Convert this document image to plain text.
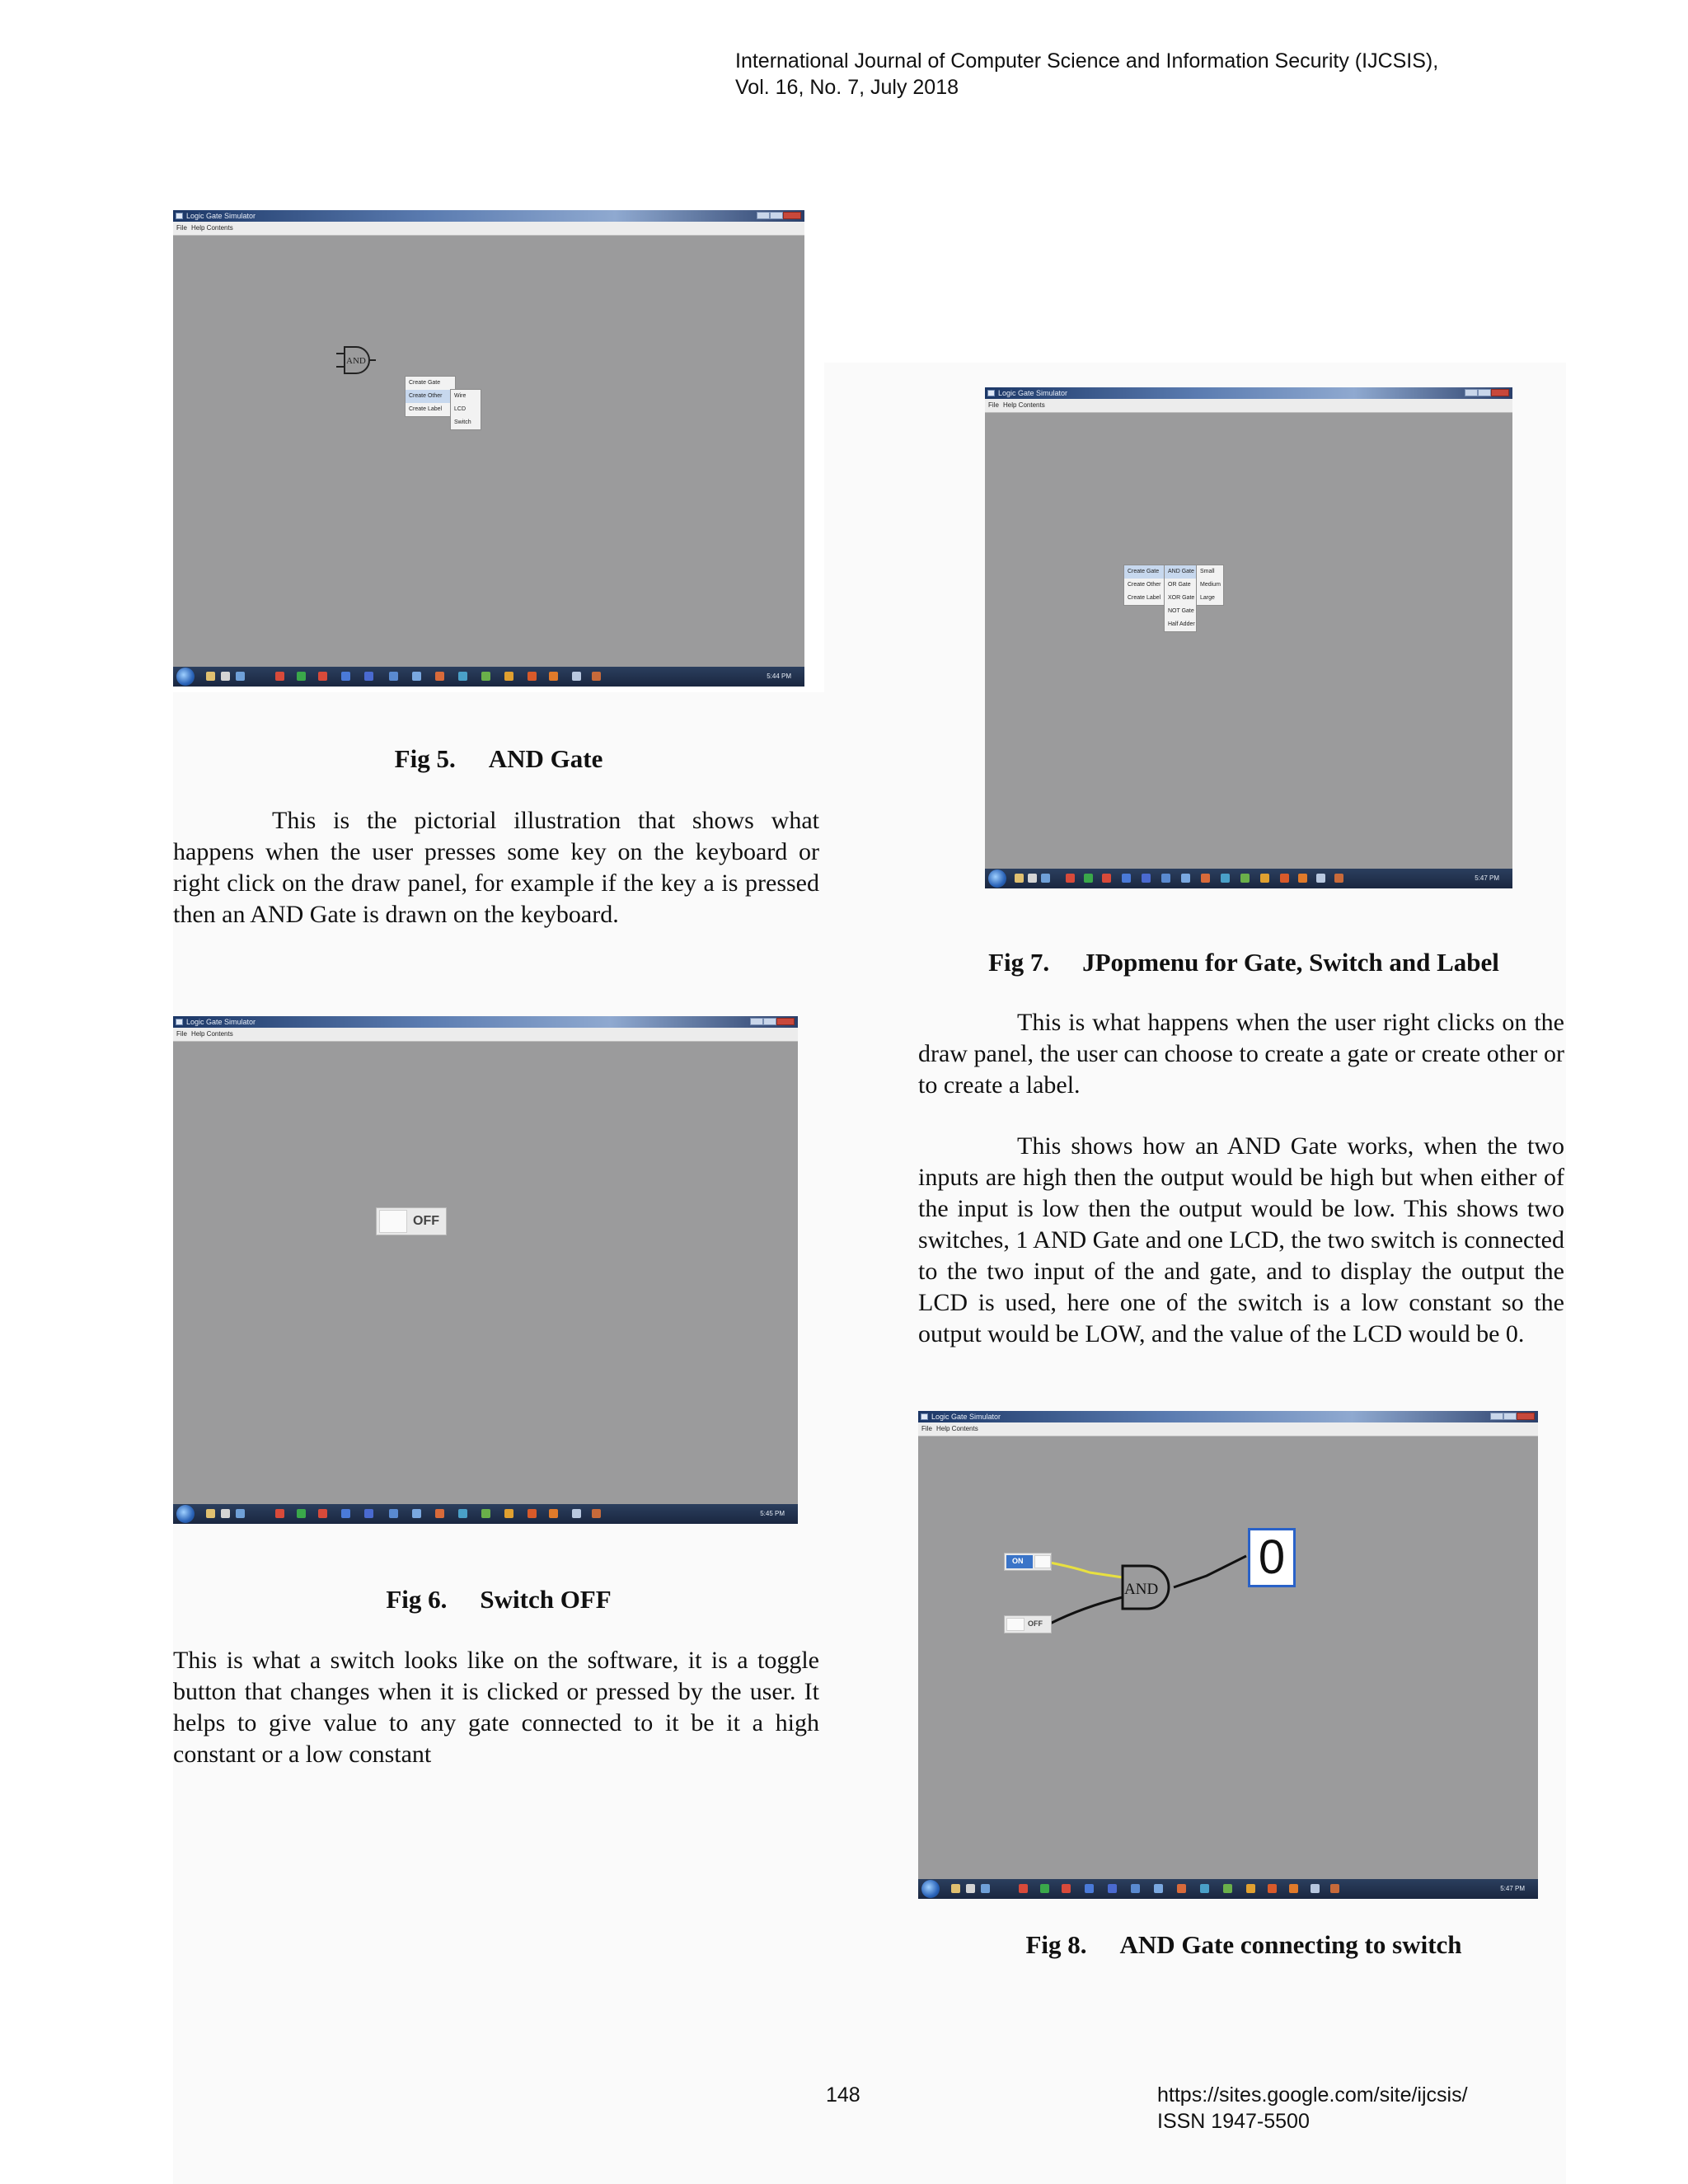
International Journal of Computer Science and Information Security (IJCSIS),
Vol. 16, No. 7, July 2018
Logic Gate Simulator
File Help Contents
AND
Create Gate
Create Other
Create Label
Wire
LCD
Switch
5:44 PM
Fig 5. AND Gate

This is the pictorial illustration that shows what happens when the user presses some key on the keyboard or right click on the draw panel, for example if the key a is pressed then an AND Gate is drawn on the keyboard.

Logic Gate Simulator
File Help Contents
OFF
5:45 PM
Fig 6. Switch OFF

This is what a switch looks like on the software, it is a toggle button that changes when it is clicked or pressed by the user. It helps to give value to any gate connected to it be it a high constant or a low constant

Logic Gate Simulator
File Help Contents
Create Gate
Create Other
Create Label
AND Gate
OR Gate
XOR Gate
NOT Gate
Half Adder
Small
Medium
Large
5:47 PM
Fig 7. JPopmenu for Gate, Switch and Label

This is what happens when the user right clicks on the draw panel, the user can choose to create a gate or create other or to create a label.

This shows how an AND Gate works, when the two inputs are high then the output would be high but when either of the input is low then the output would be low. This shows two switches, 1 AND Gate and one LCD, the two switch is connected to the two input of the and gate, and to display the output the LCD is used, here one of the switch is a low constant so the output would be LOW, and the value of the LCD would be 0.

Logic Gate Simulator
File Help Contents
AND
ON
OFF
0
5:47 PM
Fig 8. AND Gate connecting to switch
148	https://sites.google.com/site/ijcsis/
ISSN 1947-5500
